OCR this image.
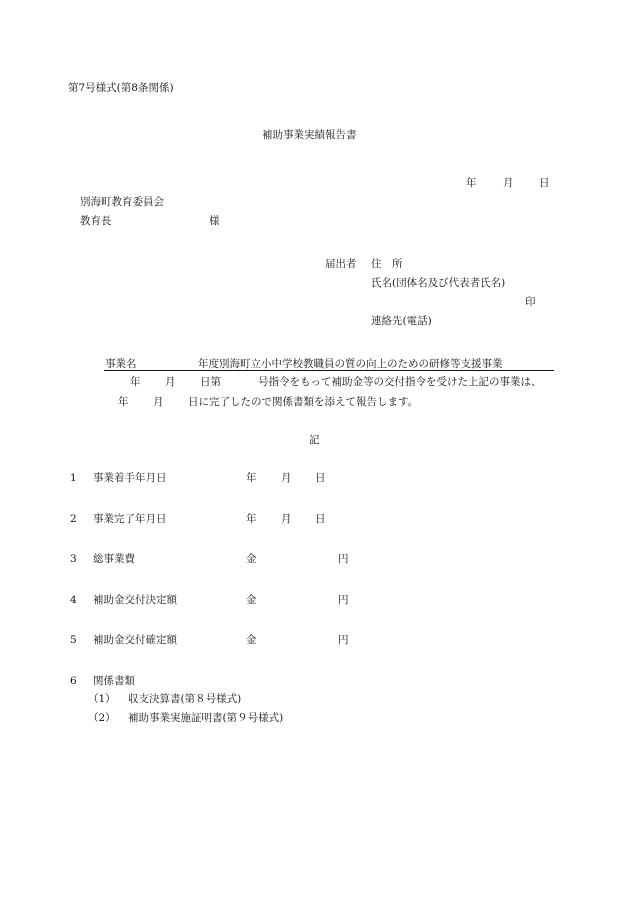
第7号様式(第8条関係)
補助事業実績報告書
年	月 日
別海町教育委員会
教育長	様
届出者 住　所
氏名(団体名及び代表者氏名)
印
連絡先(電話)
事業名	年度別海町立小中学校教職員の質の向上のための研修等支援事業
年 月 日第	号指令をもって補助金等の交付指令を受けた上記の事業は、
年 月 日に完了したので関係書類を添えて報告します。
記
1 事業着手年月日	年 月 日
2 事業完了年月日	年 月 日
3 総事業費	金	円
4 補助金交付決定額	金	円
5 補助金交付確定額	金	円
6 関係書類
（1） 収支決算書(第８号様式)
（2） 補助事業実施証明書(第９号様式)
